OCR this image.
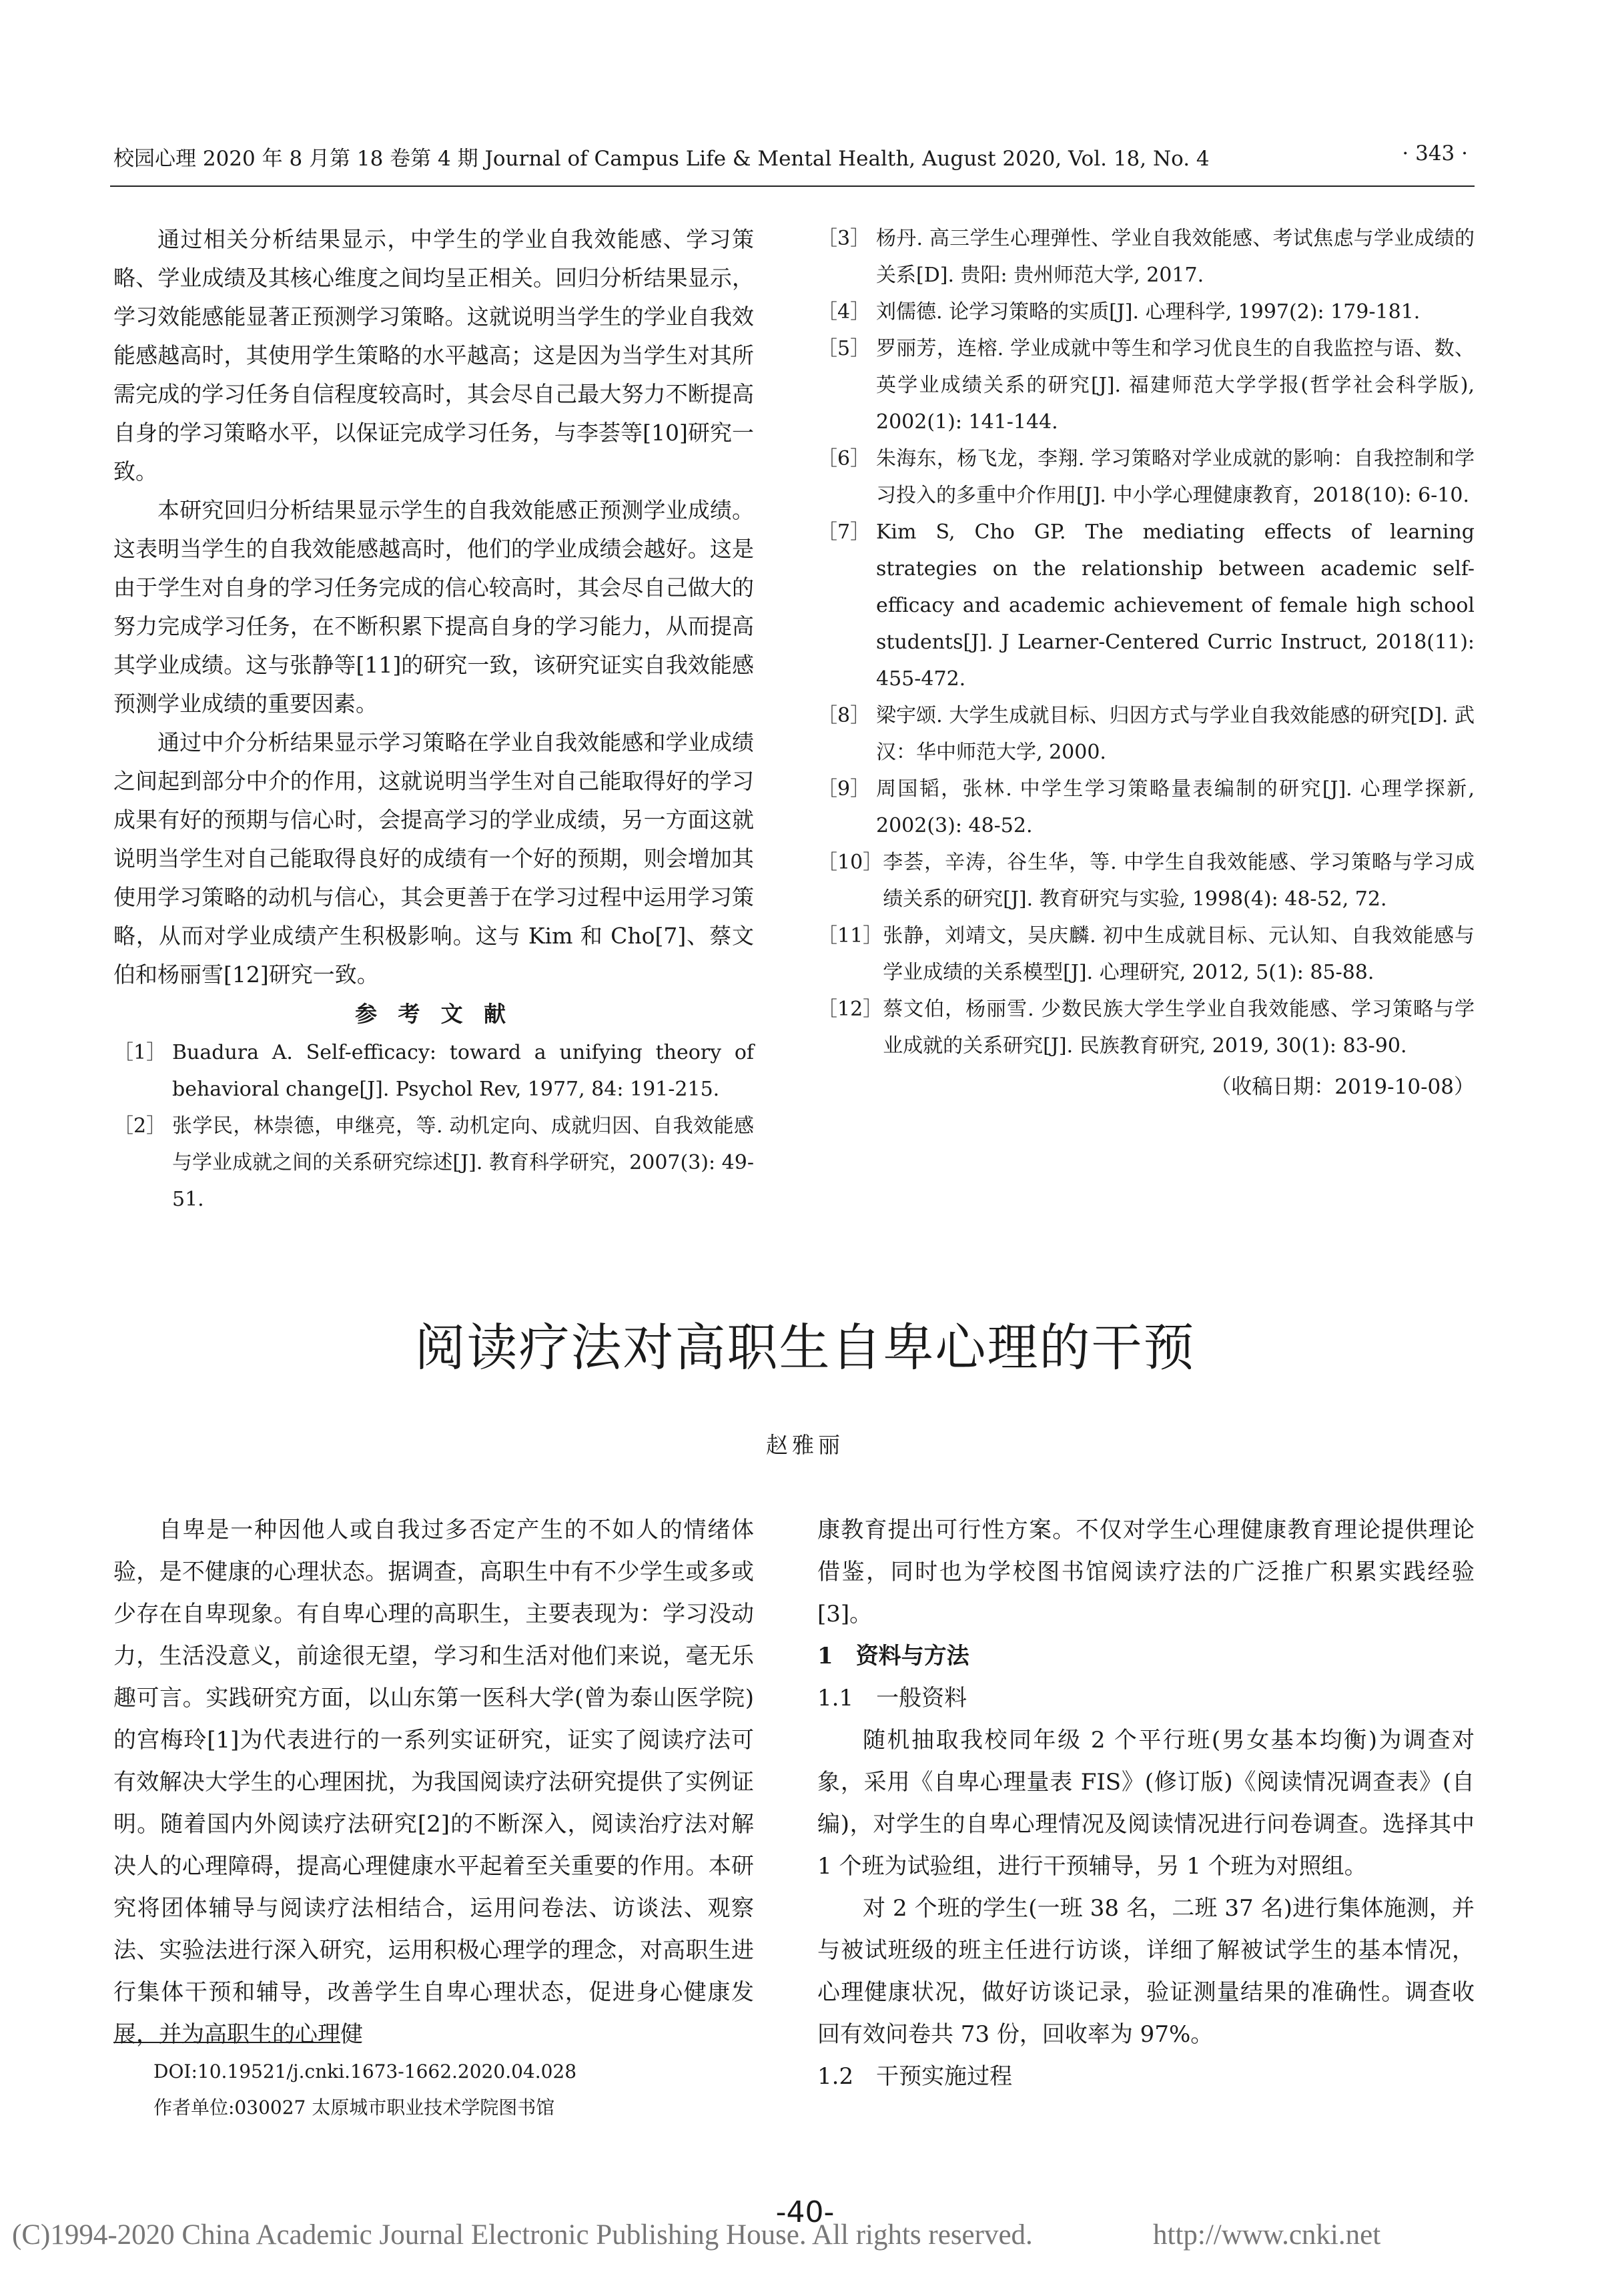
校园心理 2020 年 8 月第 18 卷第 4 期 Journal of Campus Life & Mental Health, August 2020, Vol. 18, No. 4	· 343 ·

通过相关分析结果显示，中学生的学业自我效能感、学习策略、学业成绩及其核心维度之间均呈正相关。回归分析结果显示，学习效能感能显著正预测学习策略。这就说明当学生的学业自我效能感越高时，其使用学生策略的水平越高；这是因为当学生对其所需完成的学习任务自信程度较高时，其会尽自己最大努力不断提高自身的学习策略水平，以保证完成学习任务，与李荟等[10]研究一致。

本研究回归分析结果显示学生的自我效能感正预测学业成绩。这表明当学生的自我效能感越高时，他们的学业成绩会越好。这是由于学生对自身的学习任务完成的信心较高时，其会尽自己做大的努力完成学习任务，在不断积累下提高自身的学习能力，从而提高其学业成绩。这与张静等[11]的研究一致，该研究证实自我效能感预测学业成绩的重要因素。

通过中介分析结果显示学习策略在学业自我效能感和学业成绩之间起到部分中介的作用，这就说明当学生对自己能取得好的学习成果有好的预期与信心时，会提高学习的学业成绩，另一方面这就说明当学生对自己能取得良好的成绩有一个好的预期，则会增加其使用学习策略的动机与信心，其会更善于在学习过程中运用学习策略，从而对学业成绩产生积极影响。这与 Kim 和 Cho[7]、蔡文伯和杨丽雪[12]研究一致。

参 考 文 献
［1］ Buadura A. Self-efficacy: toward a unifying theory of behavioral change[J]. Psychol Rev, 1977, 84: 191-215.
［2］ 张学民，林崇德，申继亮，等. 动机定向、成就归因、自我效能感与学业成就之间的关系研究综述[J]. 教育科学研究，2007(3): 49-51.
［3］ 杨丹. 高三学生心理弹性、学业自我效能感、考试焦虑与学业成绩的关系[D]. 贵阳: 贵州师范大学, 2017.
［4］ 刘儒德. 论学习策略的实质[J]. 心理科学, 1997(2): 179-181.
［5］ 罗丽芳，连榕. 学业成就中等生和学习优良生的自我监控与语、数、英学业成绩关系的研究[J]. 福建师范大学学报(哲学社会科学版), 2002(1): 141-144.
［6］ 朱海东，杨飞龙，李翔. 学习策略对学业成就的影响：自我控制和学习投入的多重中介作用[J]. 中小学心理健康教育，2018(10): 6-10.
［7］ Kim S, Cho GP. The mediating effects of learning strategies on the relationship between academic self-efficacy and academic achievement of female high school students[J]. J Learner-Centered Curric Instruct, 2018(11): 455-472.
［8］ 梁宇颂. 大学生成就目标、归因方式与学业自我效能感的研究[D]. 武汉：华中师范大学, 2000.
［9］ 周国韬，张林. 中学生学习策略量表编制的研究[J]. 心理学探新, 2002(3): 48-52.
［10］ 李荟，辛涛，谷生华，等. 中学生自我效能感、学习策略与学习成绩关系的研究[J]. 教育研究与实验, 1998(4): 48-52, 72.
［11］ 张静，刘靖文，吴庆麟. 初中生成就目标、元认知、自我效能感与学业成绩的关系模型[J]. 心理研究, 2012, 5(1): 85-88.
［12］ 蔡文伯，杨丽雪. 少数民族大学生学业自我效能感、学习策略与学业成就的关系研究[J]. 民族教育研究, 2019, 30(1): 83-90.
（收稿日期：2019-10-08）
阅读疗法对高职生自卑心理的干预
赵雅丽

自卑是一种因他人或自我过多否定产生的不如人的情绪体验，是不健康的心理状态。据调查，高职生中有不少学生或多或少存在自卑现象。有自卑心理的高职生，主要表现为：学习没动力，生活没意义，前途很无望，学习和生活对他们来说，毫无乐趣可言。实践研究方面，以山东第一医科大学(曾为泰山医学院)的宫梅玲[1]为代表进行的一系列实证研究，证实了阅读疗法可有效解决大学生的心理困扰，为我国阅读疗法研究提供了实例证明。随着国内外阅读疗法研究[2]的不断深入，阅读治疗法对解决人的心理障碍，提高心理健康水平起着至关重要的作用。本研究将团体辅导与阅读疗法相结合，运用问卷法、访谈法、观察法、实验法进行深入研究，运用积极心理学的理念，对高职生进行集体干预和辅导，改善学生自卑心理状态，促进身心健康发展，并为高职生的心理健

康教育提出可行性方案。不仅对学生心理健康教育理论提供理论借鉴，同时也为学校图书馆阅读疗法的广泛推广积累实践经验[3]。

1　资料与方法

1.1　一般资料

随机抽取我校同年级 2 个平行班(男女基本均衡)为调查对象，采用《自卑心理量表 FIS》(修订版)《阅读情况调查表》(自编)，对学生的自卑心理情况及阅读情况进行问卷调查。选择其中 1 个班为试验组，进行干预辅导，另 1 个班为对照组。

对 2 个班的学生(一班 38 名，二班 37 名)进行集体施测，并与被试班级的班主任进行访谈，详细了解被试学生的基本情况，心理健康状况，做好访谈记录，验证测量结果的准确性。调查收回有效问卷共 73 份，回收率为 97%。

1.2　干预实施过程

DOI:10.19521/j.cnki.1673-1662.2020.04.028
作者单位:030027 太原城市职业技术学院图书馆
-40-
(C)1994-2020 China Academic Journal Electronic Publishing House. All rights reserved.	http://www.cnki.net
